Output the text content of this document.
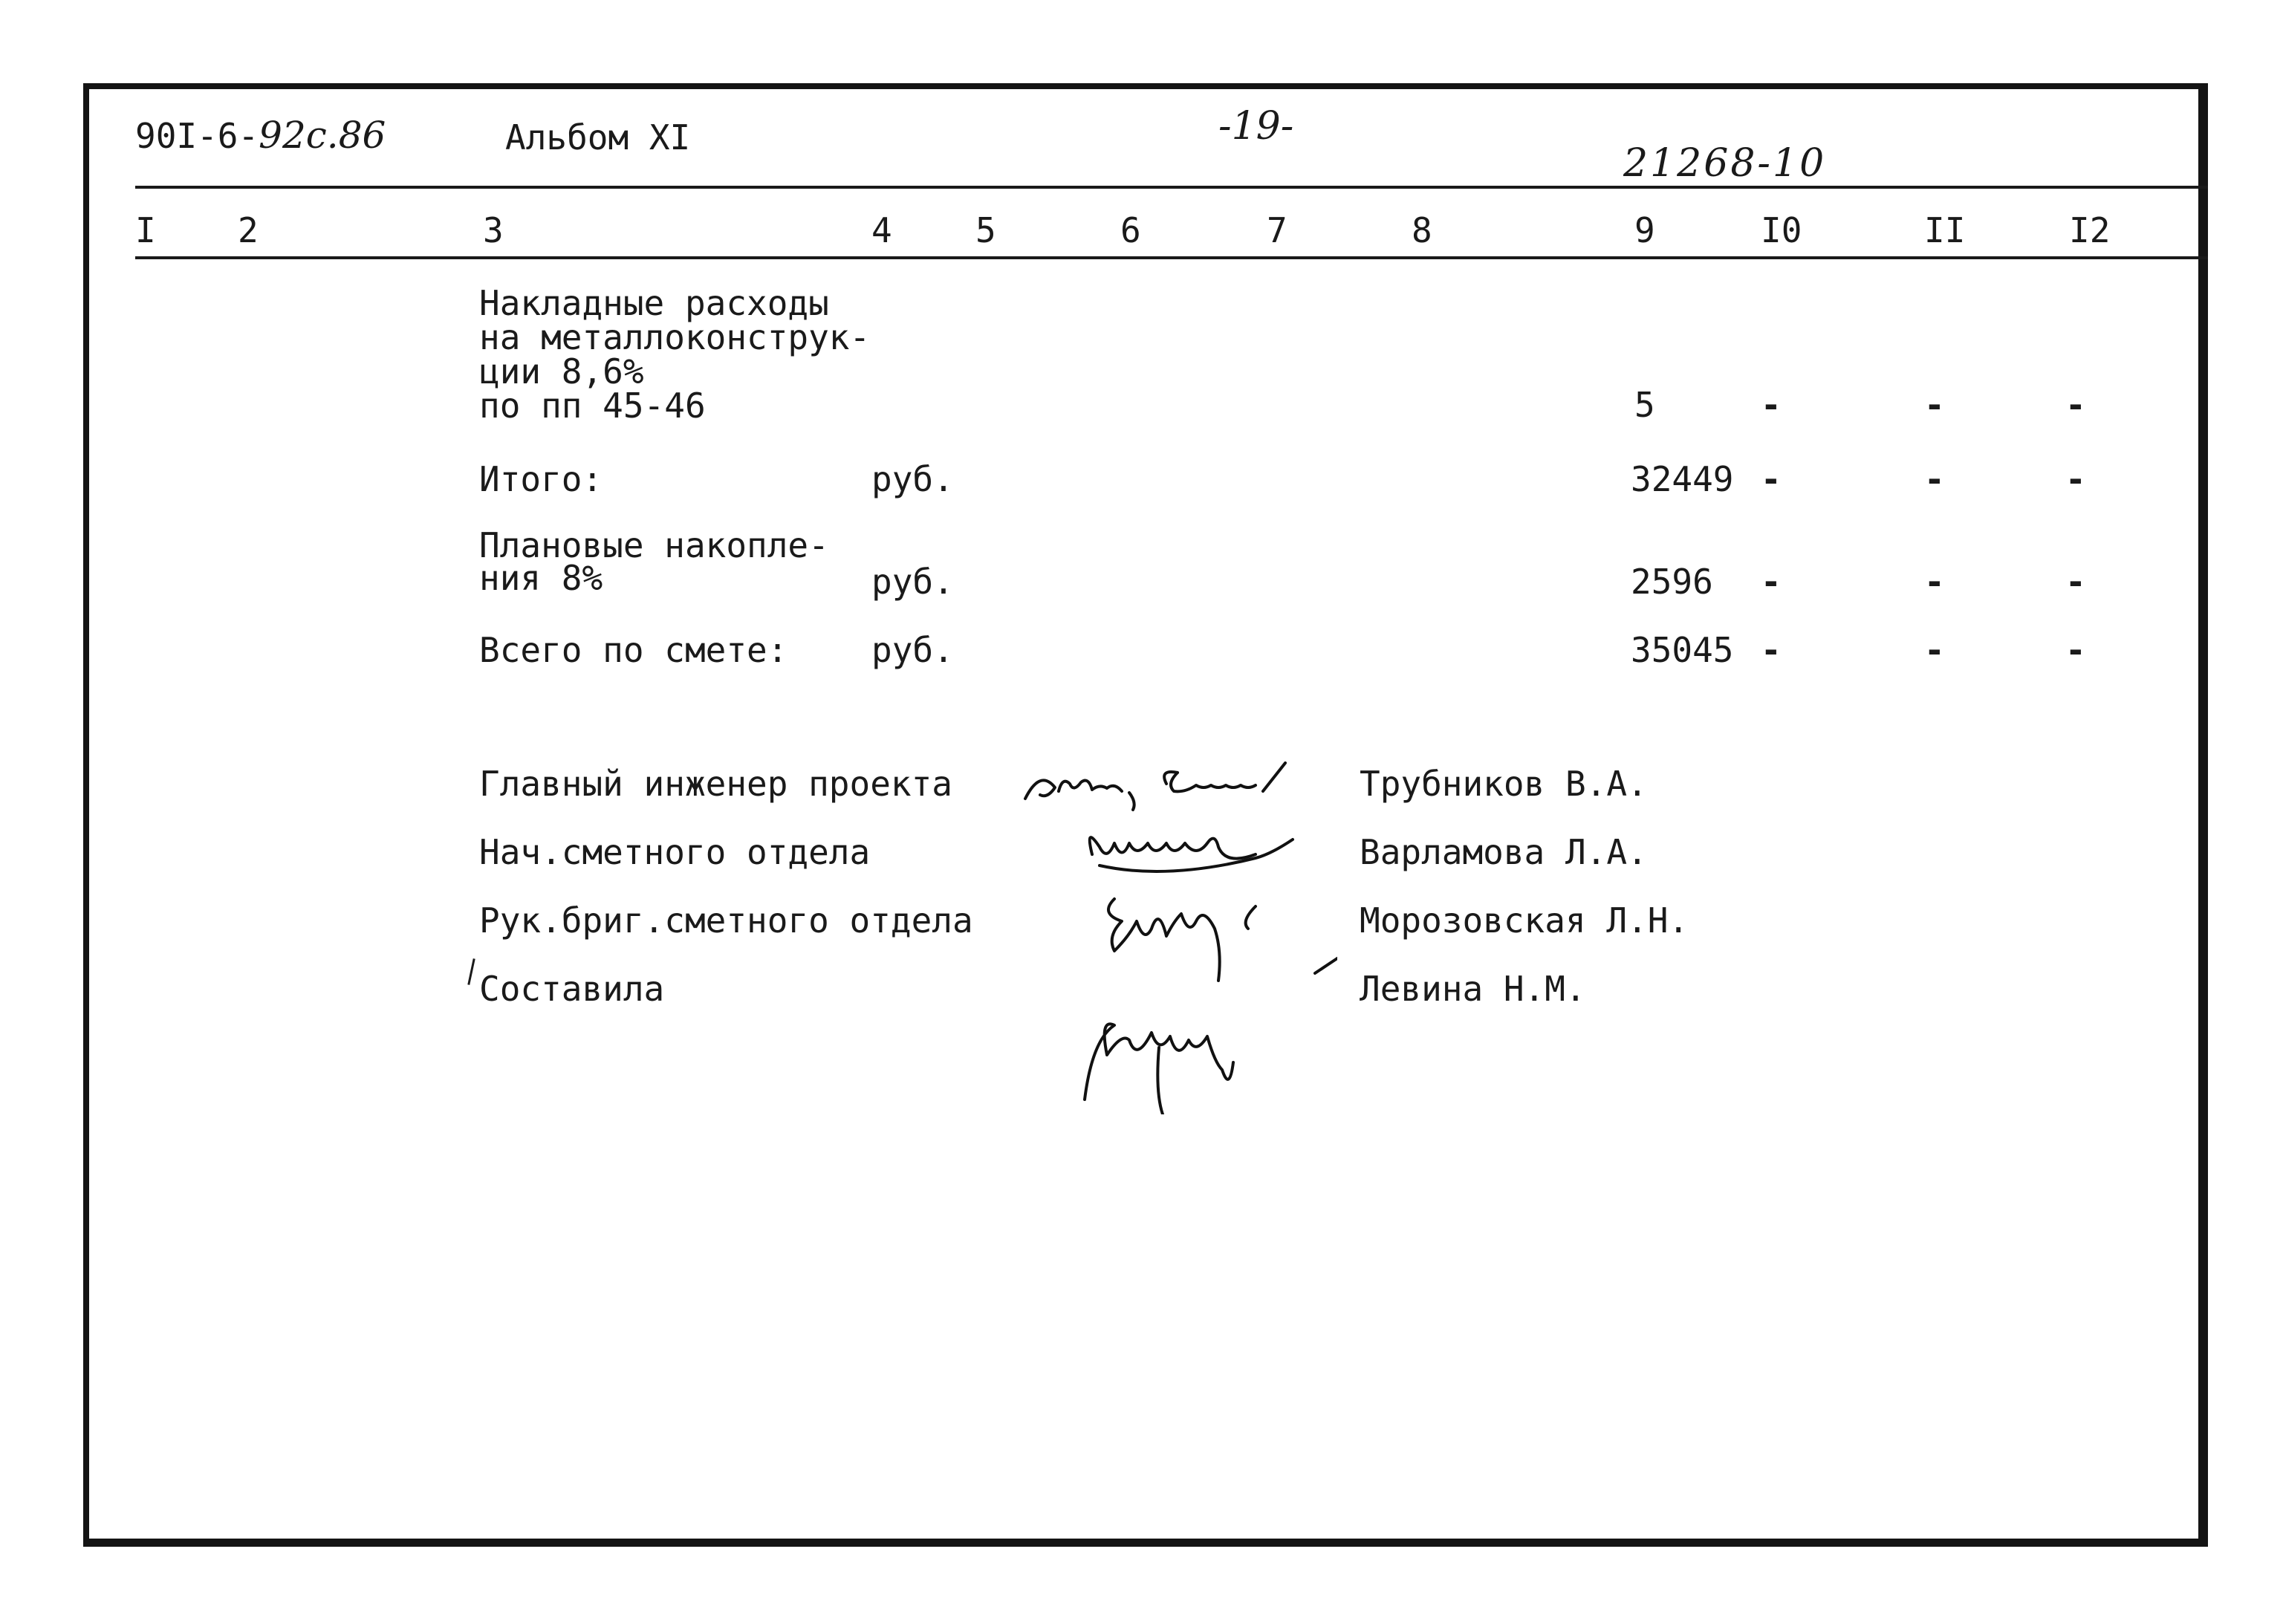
90I-6-92с.86	Альбом XI	-19-
21268-10
I 2	3	4 5	6	7	8	9	I0	II	I2
Накладные расходы
на металлоконструк-
ции 8,6%
по пп 45-46	5	-	-	-
Итого:	руб.	32449 -	-	-
Плановые накопле-
ния 8%	руб.	2596 -	-	-
Всего по смете: руб.	35045 -	-	-
Главный инженер проекта	Трубников В.А.
Нач.сметного отдела	Варламова Л.А.
Рук.бриг.сметного отдела	Морозовская Л.Н.
Составила	Левина Н.М.
